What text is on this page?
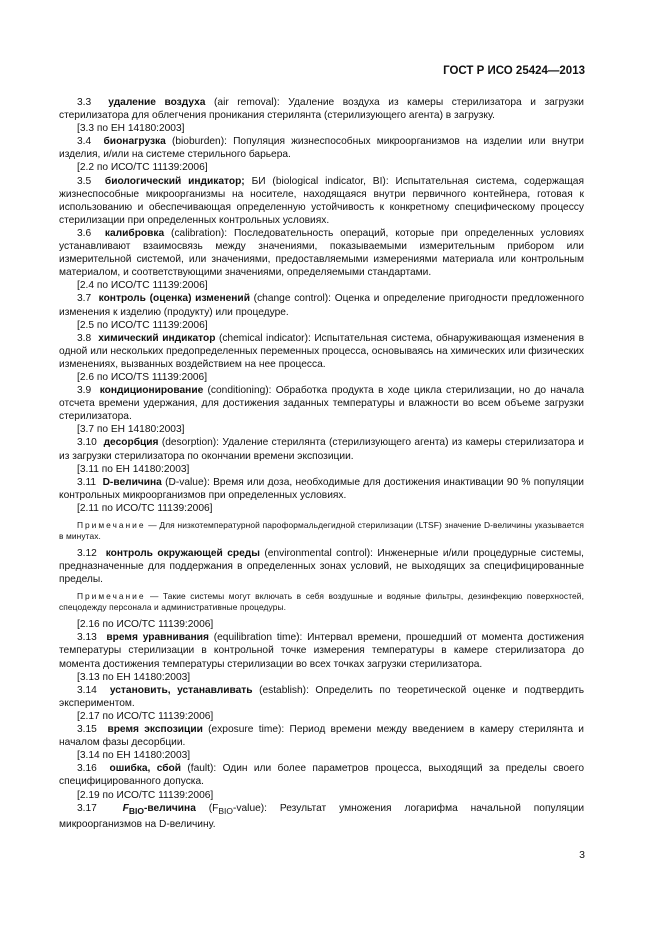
ГОСТ Р ИСО 25424—2013

3.3 удаление воздуха (air removal): Удаление воздуха из камеры стерилизатора и загрузки стерилизатора для облегчения проникания стерилянта (стерилизующего агента) в загрузку.

[3.3 по ЕН 14180:2003]

3.4 бионагрузка (bioburden): Популяция жизнеспособных микроорганизмов на изделии или внутри изделия, и/или на системе стерильного барьера.

[2.2 по ИСО/ТС 11139:2006]

3.5 биологический индикатор; БИ (biological indicator, BI): Испытательная система, содержащая жизнеспособные микроорганизмы на носителе, находящаяся внутри первичного контейнера, готовая к использованию и обеспечивающая определенную устойчивость к конкретному специфическому процессу стерилизации при определенных контрольных условиях.

3.6 калибровка (calibration): Последовательность операций, которые при определенных условиях устанавливают взаимосвязь между значениями, показываемыми измерительным прибором или измерительной системой, или значениями, предоставляемыми измерениями материала или контрольным материалом, и соответствующими значениями, определяемыми стандартами.

[2.4 по ИСО/ТС 11139:2006]

3.7 контроль (оценка) изменений (change control): Оценка и определение пригодности предложенного изменения к изделию (продукту) или процедуре.

[2.5 по ИСО/ТС 11139:2006]

3.8 химический индикатор (chemical indicator): Испытательная система, обнаруживающая изменения в одной или нескольких предопределенных переменных процесса, основываясь на химических или физических изменениях, вызванных воздействием на нее процесса.

[2.6 по ИСО/TS 11139:2006]

3.9 кондиционирование (conditioning): Обработка продукта в ходе цикла стерилизации, но до начала отсчета времени удержания, для достижения заданных температуры и влажности во всем объеме загрузки стерилизатора.

[3.7 по ЕН 14180:2003]

3.10 десорбция (desorption): Удаление стерилянта (стерилизующего агента) из камеры стерилизатора и из загрузки стерилизатора по окончании времени экспозиции.

[3.11 по ЕН 14180:2003]

3.11 D-величина (D-value): Время или доза, необходимые для достижения инактивации 90 % популяции контрольных микроорганизмов при определенных условиях.

[2.11 по ИСО/ТС 11139:2006]

Примечание — Для низкотемпературной пароформальдегидной стерилизации (LTSF) значение D-величины указывается в минутах.

3.12 контроль окружающей среды (environmental control): Инженерные и/или процедурные системы, предназначенные для поддержания в определенных зонах условий, не выходящих за специфицированные пределы.

Примечание — Такие системы могут включать в себя воздушные и водяные фильтры, дезинфекцию поверхностей, спецодежду персонала и административные процедуры.

[2.16 по ИСО/ТС 11139:2006]

3.13 время уравнивания (equilibration time): Интервал времени, прошедший от момента достижения температуры стерилизации в контрольной точке измерения температуры в камере стерилизатора до момента достижения температуры стерилизации во всех точках загрузки стерилизатора.

[3.13 по ЕН 14180:2003]

3.14 установить, устанавливать (establish): Определить по теоретической оценке и подтвердить экспериментом.

[2.17 по ИСО/ТС 11139:2006]

3.15 время экспозиции (exposure time): Период времени между введением в камеру стерилянта и началом фазы десорбции.

[3.14 по ЕН 14180:2003]

3.16 ошибка, сбой (fault): Один или более параметров процесса, выходящий за пределы своего специфицированного допуска.

[2.19 по ИСО/ТС 11139:2006]

3.17	$F_{BIO}$-величина $(F_{BIO}-value)$: Результат умножения логарифма начальной популяции микроорганизмов на D-величину.

3
